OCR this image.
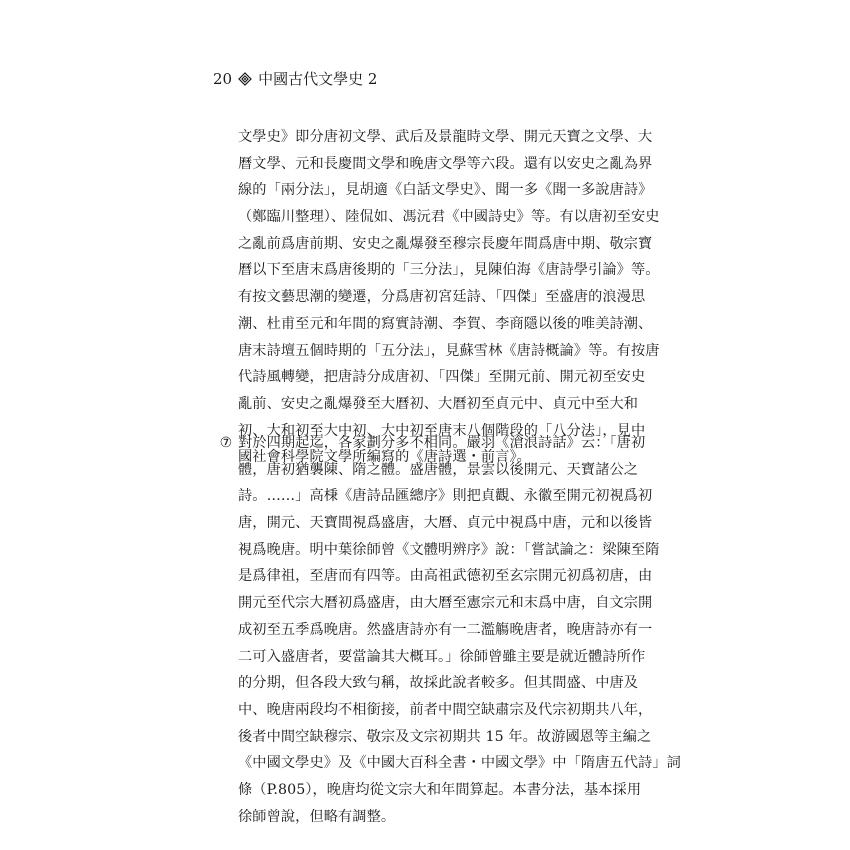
20 中國古代文學史 2
文學史》即分唐初文學、武后及景龍時文學、開元天寶之文學、大
曆文學、元和長慶間文學和晚唐文學等六段。還有以安史之亂為界
線的「兩分法」，見胡適《白話文學史》、聞一多《聞一多說唐詩》
（鄭臨川整理）、陸侃如、馮沅君《中國詩史》等。有以唐初至安史
之亂前爲唐前期、安史之亂爆發至穆宗長慶年間爲唐中期、敬宗寶
曆以下至唐末爲唐後期的「三分法」，見陳伯海《唐詩學引論》等。
有按文藝思潮的變遷，分爲唐初宮廷詩、「四傑」至盛唐的浪漫思
潮、杜甫至元和年間的寫實詩潮、李賀、李商隱以後的唯美詩潮、
唐末詩壇五個時期的「五分法」，見蘇雪林《唐詩概論》等。有按唐
代詩風轉變，把唐詩分成唐初、「四傑」至開元前、開元初至安史
亂前、安史之亂爆發至大曆初、大曆初至貞元中、貞元中至大和
初、大和初至大中初、大中初至唐末八個階段的「八分法」，見中
國社會科學院文學所編寫的《唐詩選・前言》。
⑦ 對於四期起迄，各家劃分多不相同。嚴羽《滄浪詩話》云：「唐初
體，唐初猶襲陳、隋之體。盛唐體，景雲以後開元、天寶諸公之
詩。……」高棅《唐詩品匯總序》則把貞觀、永徽至開元初視爲初
唐，開元、天寶間視爲盛唐，大曆、貞元中視爲中唐，元和以後皆
視爲晚唐。明中葉徐師曾《文體明辨序》說：「嘗試論之：梁陳至隋
是爲律祖，至唐而有四等。由高祖武德初至玄宗開元初爲初唐，由
開元至代宗大曆初爲盛唐，由大曆至憲宗元和末爲中唐，自文宗開
成初至五季爲晚唐。然盛唐詩亦有一二濫觴晚唐者，晚唐詩亦有一
二可入盛唐者，要當論其大概耳。」徐師曾雖主要是就近體詩所作
的分期，但各段大致勻稱，故採此說者較多。但其間盛、中唐及
中、晚唐兩段均不相銜接，前者中間空缺肅宗及代宗初期共八年，
後者中間空缺穆宗、敬宗及文宗初期共 15 年。故游國恩等主編之
《中國文學史》及《中國大百科全書・中國文學》中「隋唐五代詩」詞
條（P.805），晚唐均從文宗大和年間算起。本書分法，基本採用
徐師曾說，但略有調整。
